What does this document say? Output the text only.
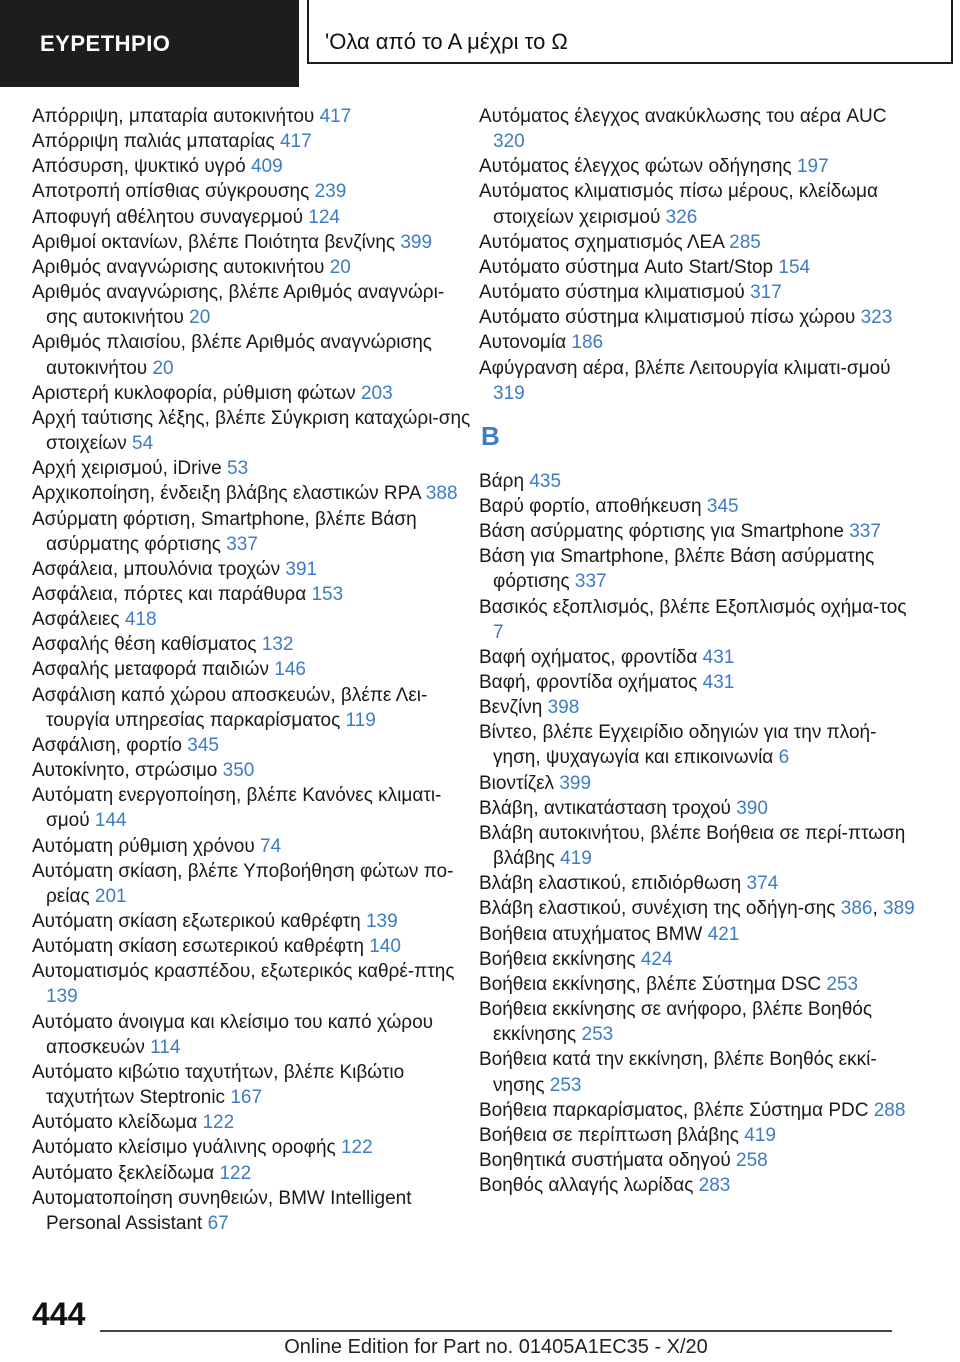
ΕΥΡΕΤΗΡΙΟ	'Ολα από το Α μέχρι το Ω
Απόρριψη, μπαταρία αυτοκινήτου 417
Απόρριψη παλιάς μπαταρίας 417
Απόσυρση, ψυκτικό υγρό 409
Αποτροπή οπίσθιας σύγκρουσης 239
Αποφυγή αθέλητου συναγερμού 124
Αριθμοί οκτανίων, βλέπε Ποιότητα βενζίνης 399
Αριθμός αναγνώρισης αυτοκινήτου 20
Αριθμός αναγνώρισης, βλέπε Αριθμός αναγνώρι‐σης αυτοκινήτου 20
Αριθμός πλαισίου, βλέπε Αριθμός αναγνώρισης αυτοκινήτου 20
Αριστερή κυκλοφορία, ρύθμιση φώτων 203
Αρχή ταύτισης λέξης, βλέπε Σύγκριση καταχώρι‐σης στοιχείων 54
Αρχή χειρισμού, iDrive 53
Αρχικοποίηση, ένδειξη βλάβης ελαστικών RPA 388
Ασύρματη φόρτιση, Smartphone, βλέπε Βάση ασύρματης φόρτισης 337
Ασφάλεια, μπουλόνια τροχών 391
Ασφάλεια, πόρτες και παράθυρα 153
Ασφάλειες 418
Ασφαλής θέση καθίσματος 132
Ασφαλής μεταφορά παιδιών 146
Ασφάλιση καπό χώρου αποσκευών, βλέπε Λει‐τουργία υπηρεσίας παρκαρίσματος 119
Ασφάλιση, φορτίο 345
Αυτοκίνητο, στρώσιμο 350
Αυτόματη ενεργοποίηση, βλέπε Κανόνες κλιματι‐σμού 144
Αυτόματη ρύθμιση χρόνου 74
Αυτόματη σκίαση, βλέπε Υποβοήθηση φώτων πο‐ρείας 201
Αυτόματη σκίαση εξωτερικού καθρέφτη 139
Αυτόματη σκίαση εσωτερικού καθρέφτη 140
Αυτοματισμός κρασπέδου, εξωτερικός καθρέ‐πτης 139
Αυτόματο άνοιγμα και κλείσιμο του καπό χώρου αποσκευών 114
Αυτόματο κιβώτιο ταχυτήτων, βλέπε Κιβώτιο ταχυτήτων Steptronic 167
Αυτόματο κλείδωμα 122
Αυτόματο κλείσιμο γυάλινης οροφής 122
Αυτόματο ξεκλείδωμα 122
Αυτοματοποίηση συνηθειών, BMW Intelligent Personal Assistant 67
Αυτόματος έλεγχος ανακύκλωσης του αέρα AUC 320
Αυτόματος έλεγχος φώτων οδήγησης 197
Αυτόματος κλιματισμός πίσω μέρους, κλείδωμα στοιχείων χειρισμού 326
Αυτόματος σχηματισμός ΛΕΑ 285
Αυτόματο σύστημα Auto Start/Stop 154
Αυτόματο σύστημα κλιματισμού 317
Αυτόματο σύστημα κλιματισμού πίσω χώρου 323
Αυτονομία 186
Αφύγρανση αέρα, βλέπε Λειτουργία κλιματι‐σμού 319
B
Βάρη 435
Βαρύ φορτίο, αποθήκευση 345
Βάση ασύρματης φόρτισης για Smartphone 337
Βάση για Smartphone, βλέπε Βάση ασύρματης φόρτισης 337
Βασικός εξοπλισμός, βλέπε Εξοπλισμός οχήμα‐τος 7
Βαφή οχήματος, φροντίδα 431
Βαφή, φροντίδα οχήματος 431
Βενζίνη 398
Βίντεο, βλέπε Εγχειρίδιο οδηγιών για την πλοή‐γηση, ψυχαγωγία και επικοινωνία 6
Βιοντίζελ 399
Βλάβη, αντικατάσταση τροχού 390
Βλάβη αυτοκινήτου, βλέπε Βοήθεια σε περί‐πτωση βλάβης 419
Βλάβη ελαστικού, επιδιόρθωση 374
Βλάβη ελαστικού, συνέχιση της οδήγη‐σης 386, 389
Βοήθεια ατυχήματος BMW 421
Βοήθεια εκκίνησης 424
Βοήθεια εκκίνησης, βλέπε Σύστημα DSC 253
Βοήθεια εκκίνησης σε ανήφορο, βλέπε Βοηθός εκκίνησης 253
Βοήθεια κατά την εκκίνηση, βλέπε Βοηθός εκκί‐νησης 253
Βοήθεια παρκαρίσματος, βλέπε Σύστημα PDC 288
Βοήθεια σε περίπτωση βλάβης 419
Βοηθητικά συστήματα οδηγού 258
Βοηθός αλλαγής λωρίδας 283
444
Online Edition for Part no. 01405A1EC35 - X/20
